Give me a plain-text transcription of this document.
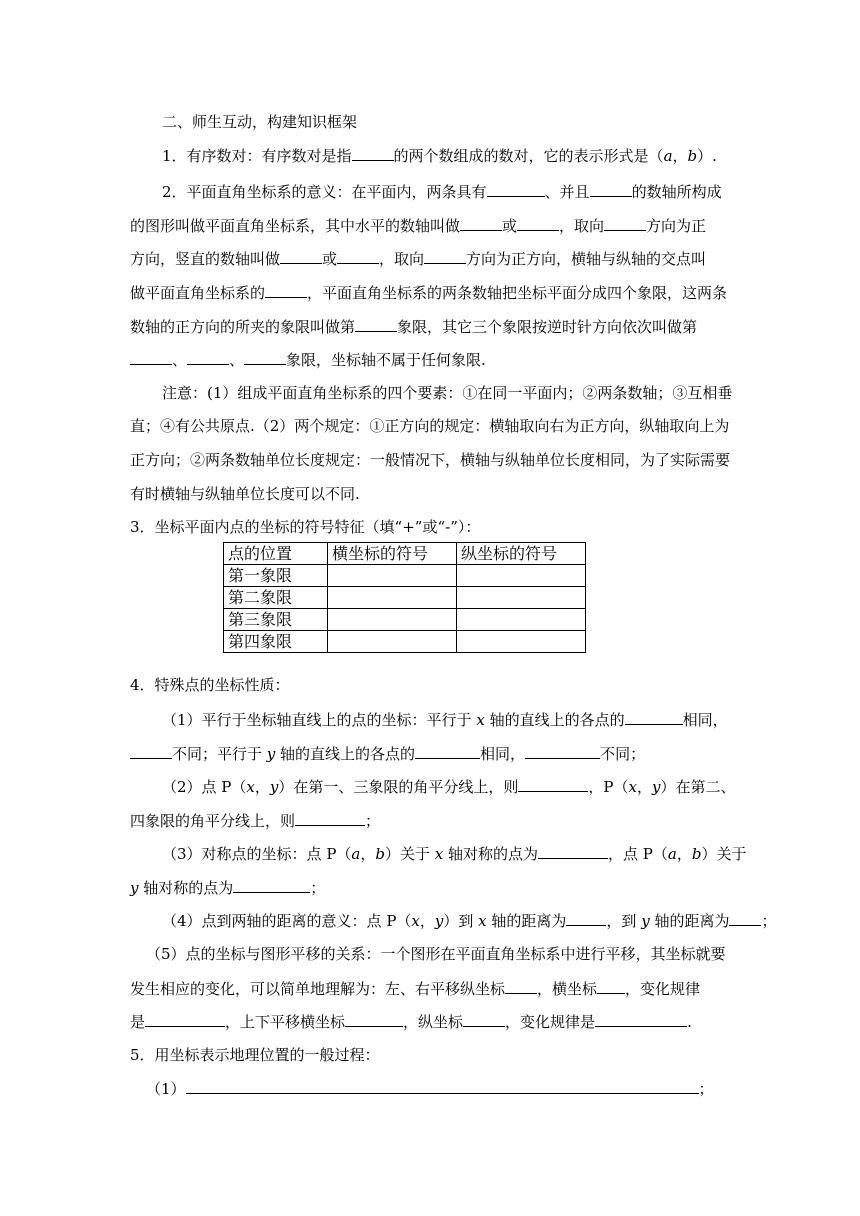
二、师生互动，构建知识框架
1．有序数对：有序数对是指	的两个数组成的数对，它的表示形式是（a，b）.
2．平面直角坐标系的意义：在平面内，两条具有	、并且	的数轴所构成
的图形叫做平面直角坐标系，其中水平的数轴叫做	或	，取向	方向为正
方向，竖直的数轴叫做	或	，取向	方向为正方向，横轴与纵轴的交点叫
做平面直角坐标系的	，平面直角坐标系的两条数轴把坐标平面分成四个象限，这两条
数轴的正方向的所夹的象限叫做第	象限，其它三个象限按逆时针方向依次叫做第
、	、	象限，坐标轴不属于任何象限.
注意：(1）组成平面直角坐标系的四个要素：①在同一平面内；②两条数轴；③互相垂
直；④有公共原点.（2）两个规定：①正方向的规定：横轴取向右为正方向，纵轴取向上为
正方向；②两条数轴单位长度规定：一般情况下，横轴与纵轴单位长度相同，为了实际需要
有时横轴与纵轴单位长度可以不同.
3．坐标平面内点的坐标的符号特征（填“+”或“-”）：
点的位置	横坐标的符号	纵坐标的符号
第一象限		
第二象限		
第三象限		
第四象限		
4．特殊点的坐标性质：
（1）平行于坐标轴直线上的点的坐标：平行于 x 轴的直线上的各点的	相同，
不同；平行于 y 轴的直线上的各点的	相同，	不同；
（2）点 P（x，y）在第一、三象限的角平分线上，则	，P（x，y）在第二、
四象限的角平分线上，则	；
（3）对称点的坐标：点 P（a，b）关于 x 轴对称的点为	，点 P（a，b）关于
y 轴对称的点为	；
（4）点到两轴的距离的意义：点 P（x，y）到 x 轴的距离为	，到 y 轴的距离为 ；
（5）点的坐标与图形平移的关系：一个图形在平面直角坐标系中进行平移，其坐标就要
发生相应的变化，可以简单地理解为：左、右平移纵坐标 ，横坐标 ，变化规律
是	，上下平移横坐标	，纵坐标	，变化规律是	.
5．用坐标表示地理位置的一般过程：
（1）	；
